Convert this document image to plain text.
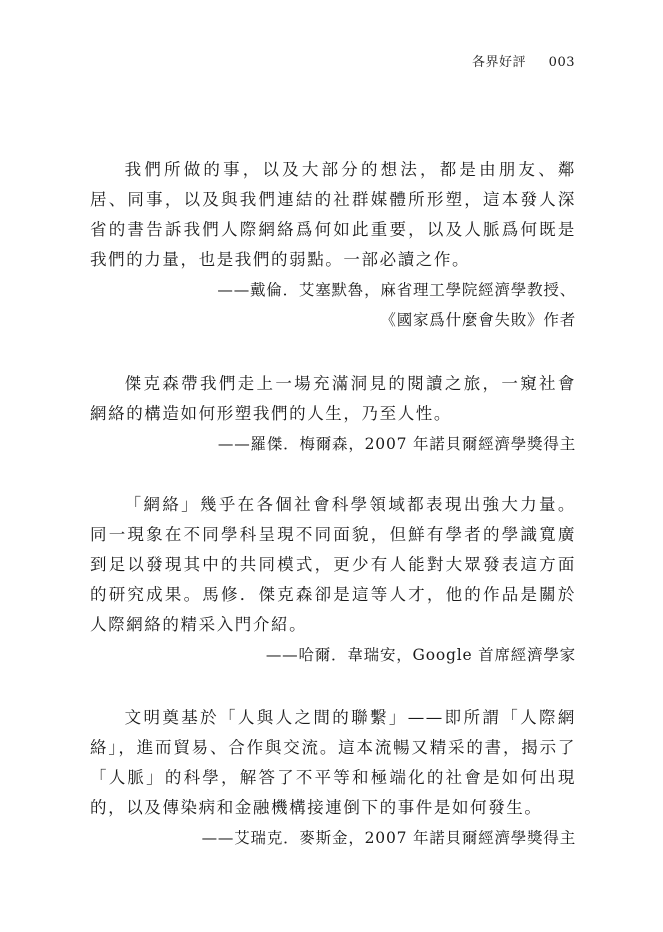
各界好評 003

我們所做的事，以及大部分的想法，都是由朋友、鄰居、同事，以及與我們連結的社群媒體所形塑，這本發人深省的書告訴我們人際網絡爲何如此重要，以及人脈爲何既是我們的力量，也是我們的弱點。一部必讀之作。

——戴倫．艾塞默魯，麻省理工學院經濟學教授、

《國家爲什麼會失敗》作者

傑克森帶我們走上一場充滿洞見的閱讀之旅，一窺社會網絡的構造如何形塑我們的人生，乃至人性。

——羅傑．梅爾森，2007 年諾貝爾經濟學獎得主

「網絡」幾乎在各個社會科學領域都表現出強大力量。同一現象在不同學科呈現不同面貌，但鮮有學者的學識寬廣到足以發現其中的共同模式，更少有人能對大眾發表這方面的研究成果。馬修．傑克森卻是這等人才，他的作品是關於人際網絡的精采入門介紹。

——哈爾．韋瑞安，Google 首席經濟學家

文明奠基於「人與人之間的聯繫」——即所謂「人際網絡」，進而貿易、合作與交流。這本流暢又精采的書，揭示了「人脈」的科學，解答了不平等和極端化的社會是如何出現的，以及傳染病和金融機構接連倒下的事件是如何發生。

——艾瑞克．麥斯金，2007 年諾貝爾經濟學獎得主
